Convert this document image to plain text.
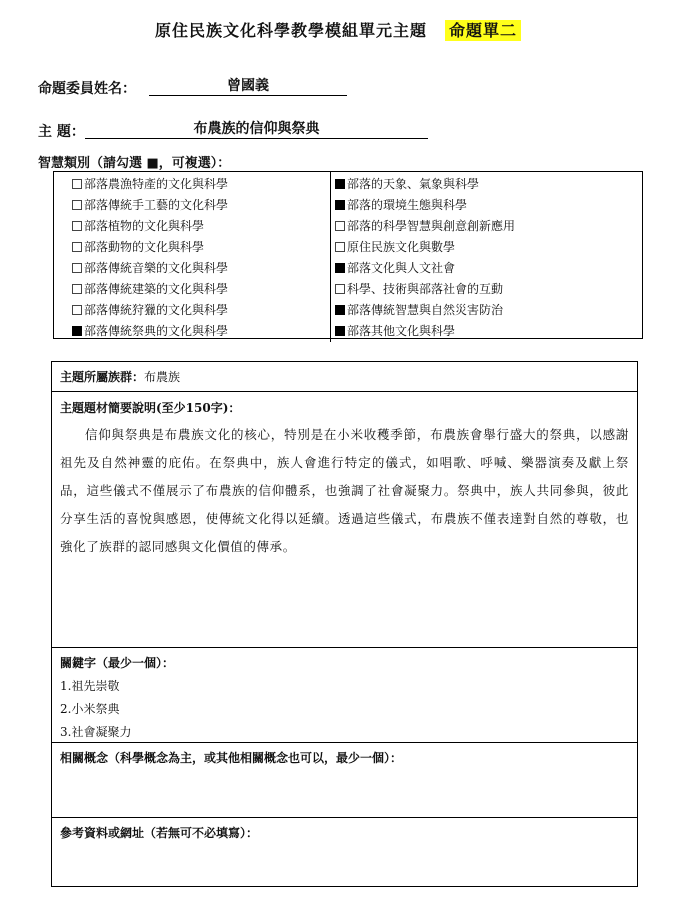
原住民族文化科學教學模組單元主題 命題單二
命題委員姓名：	曾國義
主 題：	布農族的信仰與祭典
智慧類別（請勾選 ■，可複選）：
部落農漁特產的文化與科學
部落傳統手工藝的文化科學
部落植物的文化與科學
部落動物的文化與科學
部落傳統音樂的文化與科學
部落傳統建築的文化與科學
部落傳統狩獵的文化與科學
部落傳統祭典的文化與科學
部落的天象、氣象與科學
部落的環境生態與科學
部落的科學智慧與創意創新應用
原住民族文化與數學
部落文化與人文社會
科學、技術與部落社會的互動
部落傳統智慧與自然災害防治
部落其他文化與科學
主題所屬族群：布農族
主題題材簡要說明(至少150字)：
信仰與祭典是布農族文化的核心，特別是在小米收穫季節，布農族會舉行盛大的祭典，以感謝祖先及自然神靈的庇佑。在祭典中，族人會進行特定的儀式，如唱歌、呼喊、樂器演奏及獻上祭品，這些儀式不僅展示了布農族的信仰體系，也強調了社會凝聚力。祭典中，族人共同參與，彼此分享生活的喜悅與感恩，使傳統文化得以延續。透過這些儀式，布農族不僅表達對自然的尊敬，也強化了族群的認同感與文化價值的傳承。
關鍵字（最少一個）：
1.祖先崇敬
2.小米祭典
3.社會凝聚力
相關概念（科學概念為主，或其他相關概念也可以，最少一個）：
參考資料或網址（若無可不必填寫）：
